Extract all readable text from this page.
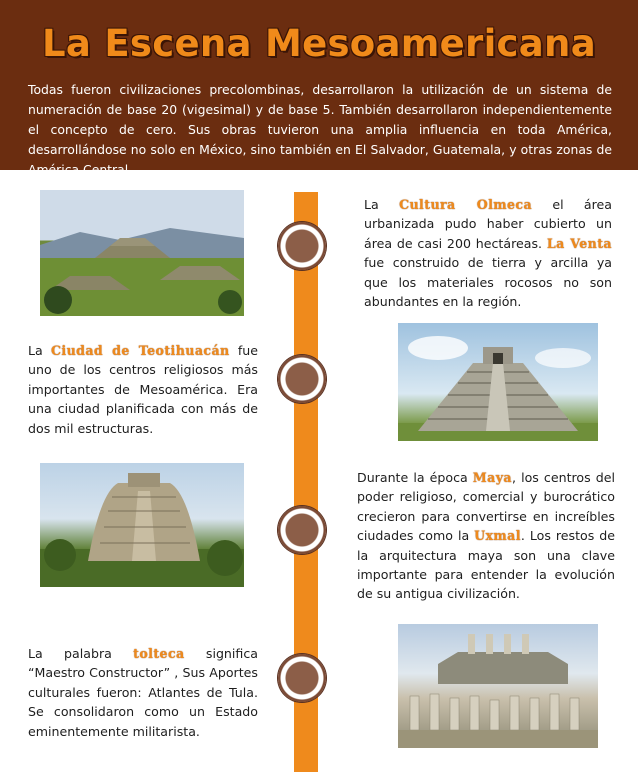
La Escena Mesoamericana
Todas fueron civilizaciones precolombinas, desarrollaron la utilización de un sistema de numeración de base 20 (vigesimal) y de base 5. También desarrollaron independientemente el concepto de cero. Sus obras tuvieron una amplia influencia en toda América, desarrollándose no solo en México, sino también en El Salvador, Guatemala, y otras zonas de América Central.
La Cultura Olmeca el área urbanizada pudo haber cubierto un área de casi 200 hectáreas. La Venta fue construido de tierra y arcilla ya que los materiales rocosos no son abundantes en la región.
La Ciudad de Teotihuacán fue uno de los centros religiosos más importantes de Mesoamérica. Era una ciudad planificada con más de dos mil estructuras.
Durante la época Maya, los centros del poder religioso, comercial y burocrático crecieron para convertirse en increíbles ciudades como la Uxmal. Los restos de la arquitectura maya son una clave importante para entender la evolución de su antigua civilización.
La palabra tolteca significa “Maestro Constructor” , Sus Aportes culturales fueron: Atlantes de Tula. Se consolidaron como un Estado eminentemente militarista.
